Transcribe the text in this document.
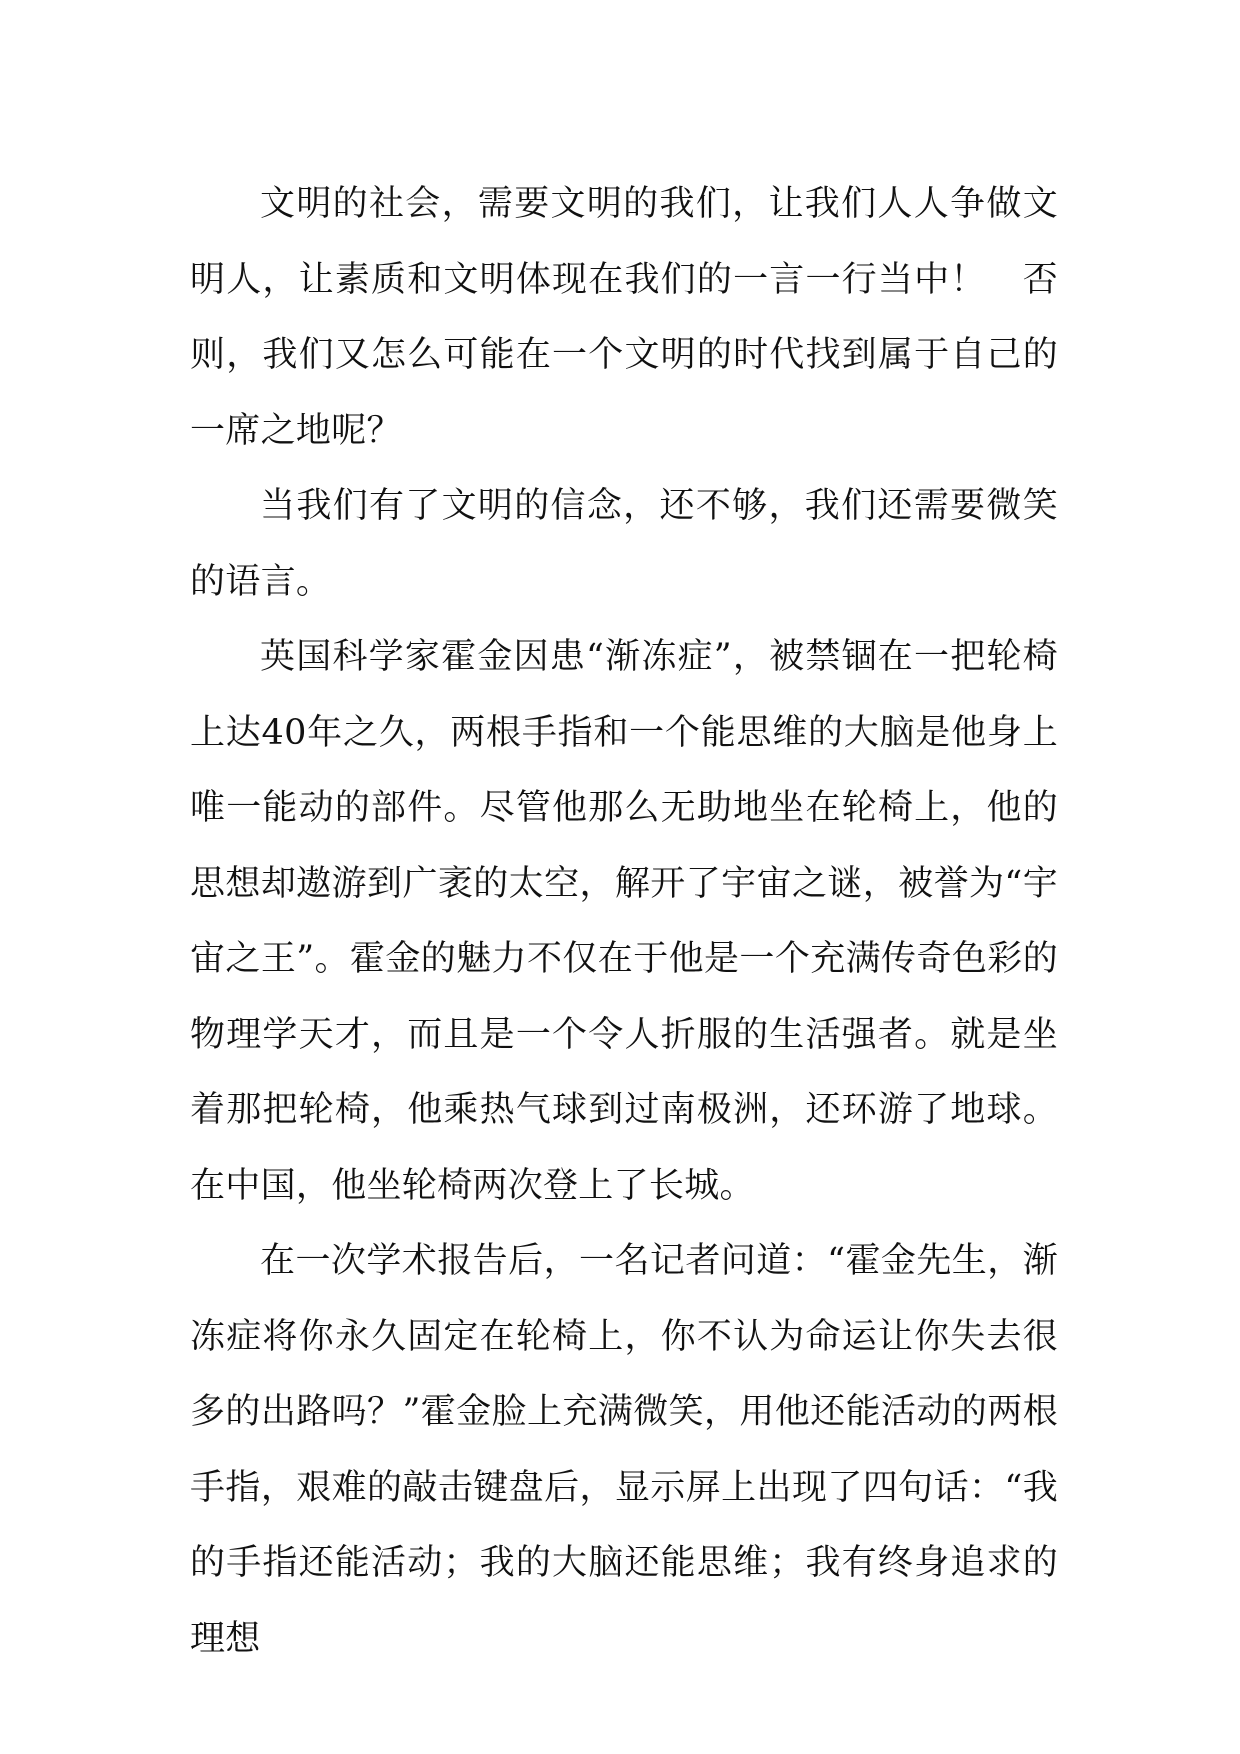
文明的社会，需要文明的我们，让我们人人争做文明人，让素质和文明体现在我们的一言一行当中！　否则，我们又怎么可能在一个文明的时代找到属于自己的一席之地呢？

当我们有了文明的信念，还不够，我们还需要微笑的语言。

英国科学家霍金因患“渐冻症”，被禁锢在一把轮椅上达40年之久，两根手指和一个能思维的大脑是他身上唯一能动的部件。尽管他那么无助地坐在轮椅上，他的思想却遨游到广袤的太空，解开了宇宙之谜，被誉为“宇宙之王”。霍金的魅力不仅在于他是一个充满传奇色彩的物理学天才，而且是一个令人折服的生活强者。就是坐着那把轮椅，他乘热气球到过南极洲，还环游了地球。在中国，他坐轮椅两次登上了长城。

在一次学术报告后，一名记者问道：“霍金先生，渐冻症将你永久固定在轮椅上，你不认为命运让你失去很多的出路吗？”霍金脸上充满微笑，用他还能活动的两根手指，艰难的敲击键盘后，显示屏上出现了四句话：“我的手指还能活动；我的大脑还能思维；我有终身追求的理想
